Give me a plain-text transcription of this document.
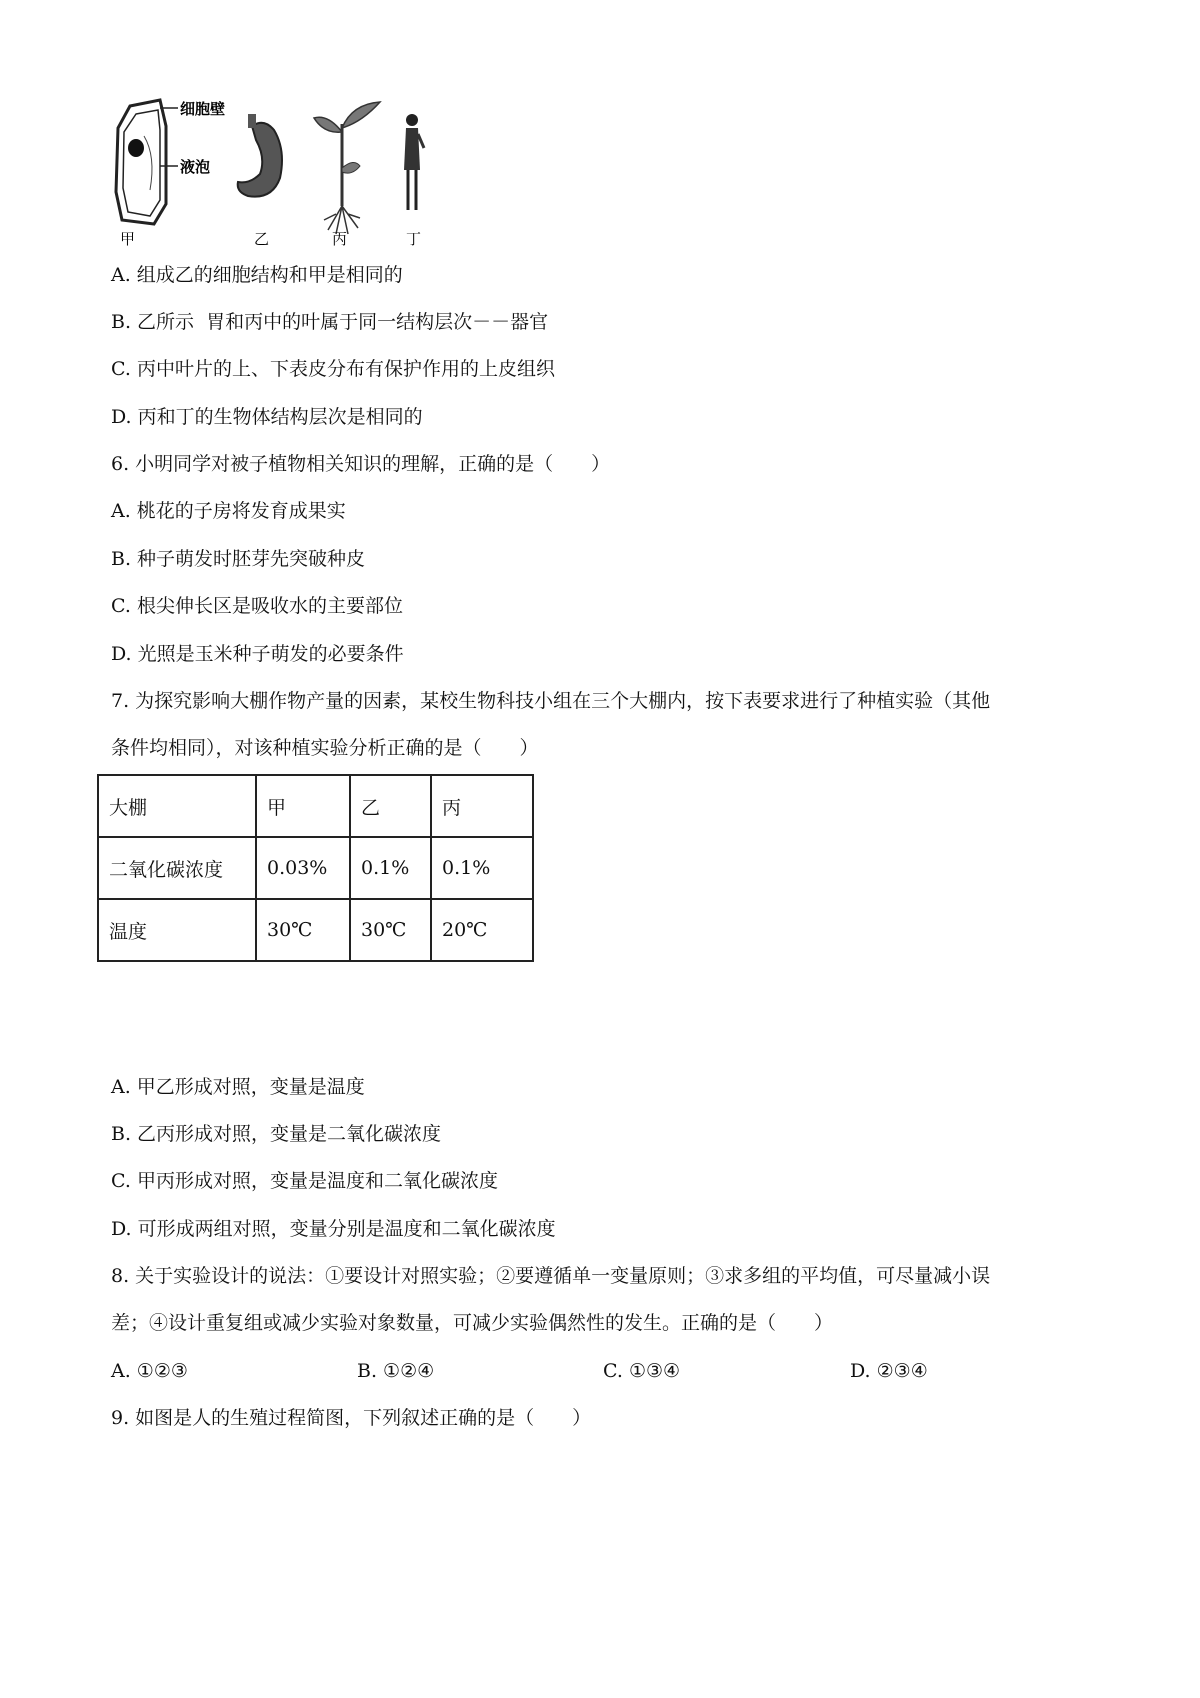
细胞壁
液泡
甲	乙	丙	丁
A. 组成乙的细胞结构和甲是相同的
B. 乙所示  胃和丙中的叶属于同一结构层次－－器官
C. 丙中叶片的上、下表皮分布有保护作用的上皮组织
D. 丙和丁的生物体结构层次是相同的
6. 小明同学对被子植物相关知识的理解，正确的是（　　）
A. 桃花的子房将发育成果实
B. 种子萌发时胚芽先突破种皮
C. 根尖伸长区是吸收水的主要部位
D. 光照是玉米种子萌发的必要条件
7. 为探究影响大棚作物产量的因素，某校生物科技小组在三个大棚内，按下表要求进行了种植实验（其他
条件均相同），对该种植实验分析正确的是（　　）
大棚	甲	乙	丙
二氧化碳浓度	0.03%	0.1%	0.1%
温度	30℃	30℃	20℃
A. 甲乙形成对照，变量是温度
B. 乙丙形成对照，变量是二氧化碳浓度
C. 甲丙形成对照，变量是温度和二氧化碳浓度
D. 可形成两组对照，变量分别是温度和二氧化碳浓度
8. 关于实验设计的说法：①要设计对照实验；②要遵循单一变量原则；③求多组的平均值，可尽量减小误
差；④设计重复组或减少实验对象数量，可减少实验偶然性的发生。正确的是（　　）
A. ①②③	B. ①②④	C. ①③④	D. ②③④
9. 如图是人的生殖过程简图，下列叙述正确的是（　　）
